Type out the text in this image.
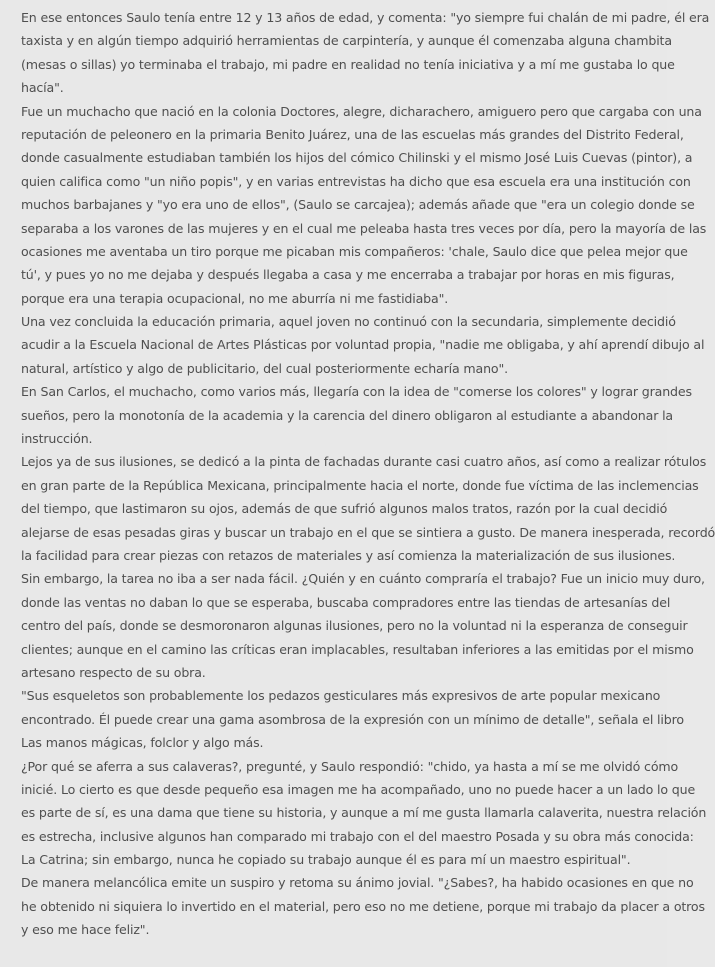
En ese entonces Saulo tenía entre 12 y 13 años de edad, y comenta: "yo siempre fui chalán de mi padre, él era
taxista y en algún tiempo adquirió herramientas de carpintería, y aunque él comenzaba alguna chambita
(mesas o sillas) yo terminaba el trabajo, mi padre en realidad no tenía iniciativa y a mí me gustaba lo que
hacía".
Fue un muchacho que nació en la colonia Doctores, alegre, dicharachero, amiguero pero que cargaba con una
reputación de peleonero en la primaria Benito Juárez, una de las escuelas más grandes del Distrito Federal,
donde casualmente estudiaban también los hijos del cómico Chilinski y el mismo José Luis Cuevas (pintor), a
quien califica como "un niño popis", y en varias entrevistas ha dicho que esa escuela era una institución con
muchos barbajanes y "yo era uno de ellos", (Saulo se carcajea); además añade que "era un colegio donde se
separaba a los varones de las mujeres y en el cual me peleaba hasta tres veces por día, pero la mayoría de las
ocasiones me aventaba un tiro porque me picaban mis compañeros: 'chale, Saulo dice que pelea mejor que
tú', y pues yo no me dejaba y después llegaba a casa y me encerraba a trabajar por horas en mis figuras,
porque era una terapia ocupacional, no me aburría ni me fastidiaba".
Una vez concluida la educación primaria, aquel joven no continuó con la secundaria, simplemente decidió
acudir a la Escuela Nacional de Artes Plásticas por voluntad propia, "nadie me obligaba, y ahí aprendí dibujo al
natural, artístico y algo de publicitario, del cual posteriormente echaría mano".
En San Carlos, el muchacho, como varios más, llegaría con la idea de "comerse los colores" y lograr grandes
sueños, pero la monotonía de la academia y la carencia del dinero obligaron al estudiante a abandonar la
instrucción.
Lejos ya de sus ilusiones, se dedicó a la pinta de fachadas durante casi cuatro años, así como a realizar rótulos
en gran parte de la República Mexicana, principalmente hacia el norte, donde fue víctima de las inclemencias
del tiempo, que lastimaron su ojos, además de que sufrió algunos malos tratos, razón por la cual decidió
alejarse de esas pesadas giras y buscar un trabajo en el que se sintiera a gusto. De manera inesperada, recordó
la facilidad para crear piezas con retazos de materiales y así comienza la materialización de sus ilusiones.
Sin embargo, la tarea no iba a ser nada fácil. ¿Quién y en cuánto compraría el trabajo? Fue un inicio muy duro,
donde las ventas no daban lo que se esperaba, buscaba compradores entre las tiendas de artesanías del
centro del país, donde se desmoronaron algunas ilusiones, pero no la voluntad ni la esperanza de conseguir
clientes; aunque en el camino las críticas eran implacables, resultaban inferiores a las emitidas por el mismo
artesano respecto de su obra.
"Sus esqueletos son probablemente los pedazos gesticulares más expresivos de arte popular mexicano
encontrado. Él puede crear una gama asombrosa de la expresión con un mínimo de detalle", señala el libro
Las manos mágicas, folclor y algo más.
¿Por qué se aferra a sus calaveras?, pregunté, y Saulo respondió: "chido, ya hasta a mí se me olvidó cómo
inicié. Lo cierto es que desde pequeño esa imagen me ha acompañado, uno no puede hacer a un lado lo que
es parte de sí, es una dama que tiene su historia, y aunque a mí me gusta llamarla calaverita, nuestra relación
es estrecha, inclusive algunos han comparado mi trabajo con el del maestro Posada y su obra más conocida:
La Catrina; sin embargo, nunca he copiado su trabajo aunque él es para mí un maestro espiritual".
De manera melancólica emite un suspiro y retoma su ánimo jovial. "¿Sabes?, ha habido ocasiones en que no
he obtenido ni siquiera lo invertido en el material, pero eso no me detiene, porque mi trabajo da placer a otros
y eso me hace feliz".
